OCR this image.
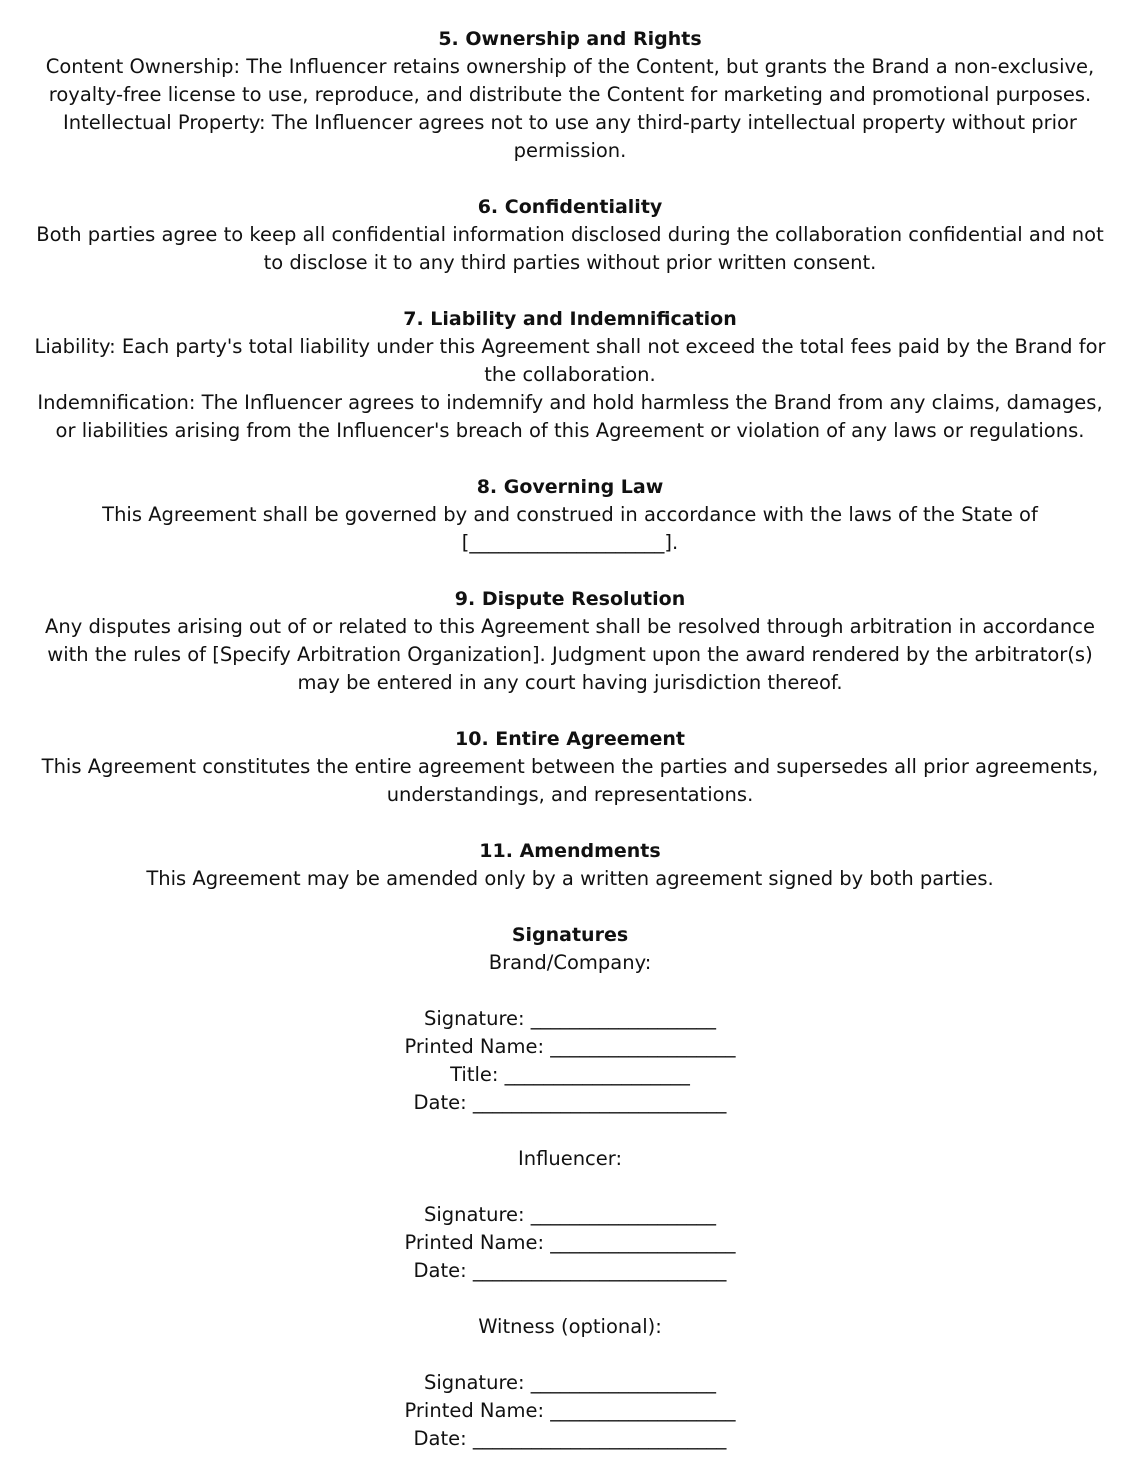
5. Ownership and Rights

Content Ownership: The Influencer retains ownership of the Content, but grants the Brand a non-exclusive,
royalty-free license to use, reproduce, and distribute the Content for marketing and promotional purposes.
Intellectual Property: The Influencer agrees not to use any third-party intellectual property without prior
permission.

6. Confidentiality

Both parties agree to keep all confidential information disclosed during the collaboration confidential and not
to disclose it to any third parties without prior written consent.

7. Liability and Indemnification

Liability: Each party's total liability under this Agreement shall not exceed the total fees paid by the Brand for
the collaboration.
Indemnification: The Influencer agrees to indemnify and hold harmless the Brand from any claims, damages,
or liabilities arising from the Influencer's breach of this Agreement or violation of any laws or regulations.

8. Governing Law

This Agreement shall be governed by and construed in accordance with the laws of the State of
[____________________].

9. Dispute Resolution

Any disputes arising out of or related to this Agreement shall be resolved through arbitration in accordance
with the rules of [Specify Arbitration Organization]. Judgment upon the award rendered by the arbitrator(s)
may be entered in any court having jurisdiction thereof.

10. Entire Agreement

This Agreement constitutes the entire agreement between the parties and supersedes all prior agreements,
understandings, and representations.

11. Amendments

This Agreement may be amended only by a written agreement signed by both parties.

Signatures

Brand/Company:

Signature: ___________________

Printed Name: ___________________

Title: ___________________

Date: __________________________

Influencer:

Signature: ___________________

Printed Name: ___________________

Date: __________________________

Witness (optional):

Signature: ___________________

Printed Name: ___________________

Date: __________________________
